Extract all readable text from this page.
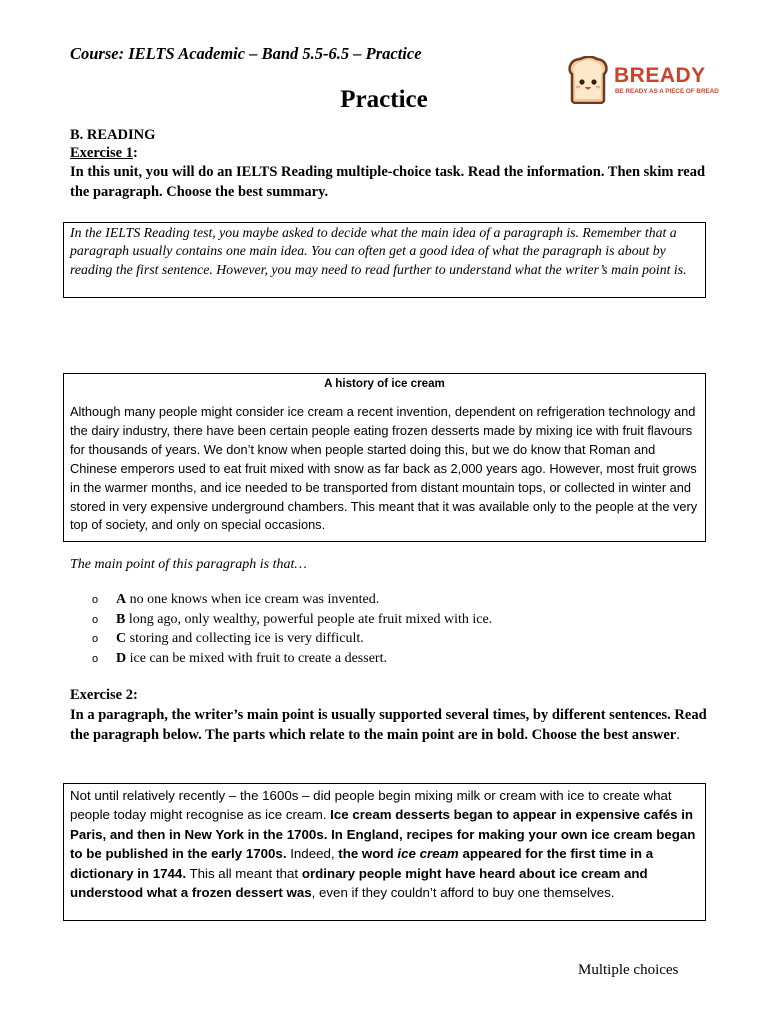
Course: IELTS Academic – Band 5.5-6.5 – Practice
BREADY
BE READY AS A PIECE OF BREAD
Practice
B. READING
Exercise 1:
In this unit, you will do an IELTS Reading multiple-choice task. Read the information. Then skim read the paragraph. Choose the best summary.

In the IELTS Reading test, you maybe asked to decide what the main idea of a paragraph is. Remember that a paragraph usually contains one main idea. You can often get a good idea of what the paragraph is about by reading the first sentence. However, you may need to read further to understand what the writer’s main point is.

A history of ice cream

Although many people might consider ice cream a recent invention, dependent on refrigeration technology and the dairy industry, there have been certain people eating frozen desserts made by mixing ice with fruit flavours for thousands of years. We don’t know when people started doing this, but we do know that Roman and Chinese emperors used to eat fruit mixed with snow as far back as 2,000 years ago. However, most fruit grows in the warmer months, and ice needed to be transported from distant mountain tops, or collected in winter and stored in very expensive underground chambers. This meant that it was available only to the people at the very top of society, and only on special occasions.

The main point of this paragraph is that…
o A no one knows when ice cream was invented.
o B long ago, only wealthy, powerful people ate fruit mixed with ice.
o C storing and collecting ice is very difficult.
o D ice can be mixed with fruit to create a dessert.
Exercise 2:
In a paragraph, the writer’s main point is usually supported several times, by different sentences. Read the paragraph below. The parts which relate to the main point are in bold. Choose the best answer.

Not until relatively recently – the 1600s – did people begin mixing milk or cream with ice to create what people today might recognise as ice cream. Ice cream desserts began to appear in expensive cafés in Paris, and then in New York in the 1700s. In England, recipes for making your own ice cream began to be published in the early 1700s. Indeed, the word ice cream appeared for the first time in a dictionary in 1744. This all meant that ordinary people might have heard about ice cream and understood what a frozen dessert was, even if they couldn’t afford to buy one themselves.

Multiple choices
